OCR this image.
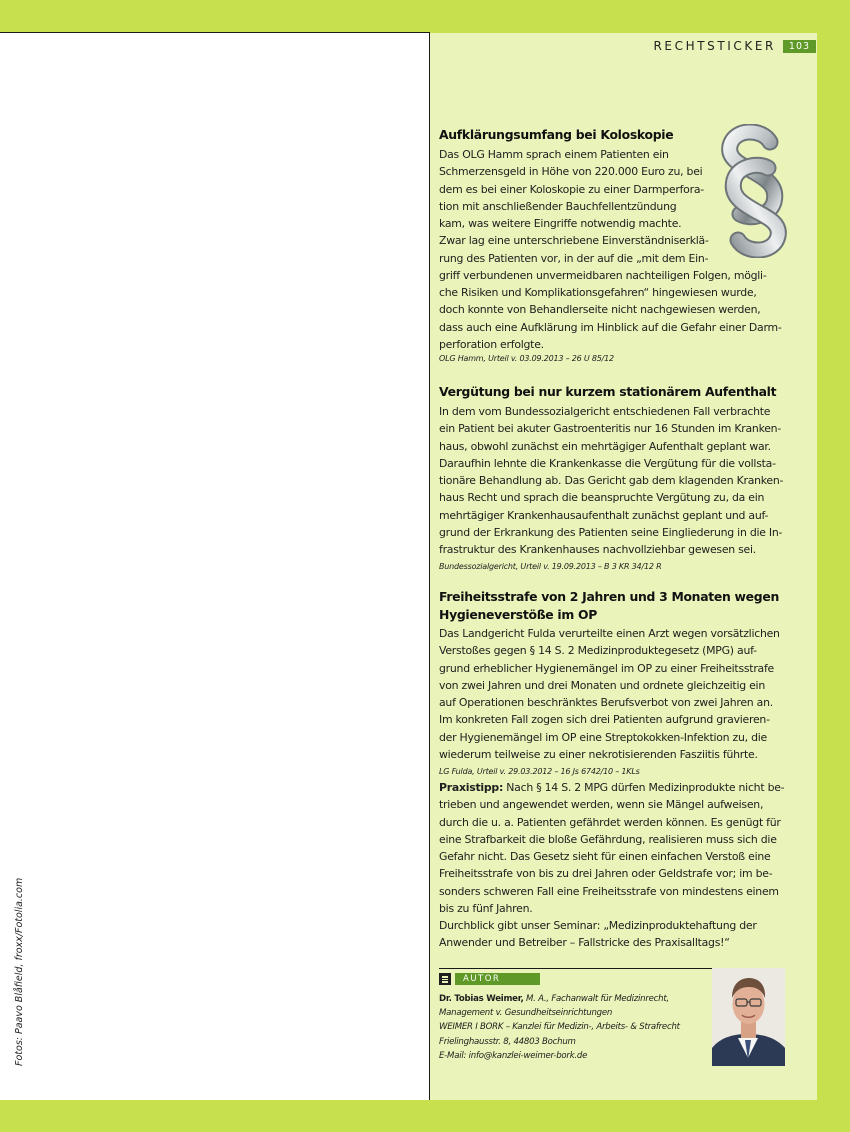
Fotos: Paavo Blåfield, froxx/Fotolia.com
RECHTSTICKER	103
Aufklärungsumfang bei Koloskopie
Das OLG Hamm sprach einem Patienten ein
Schmerzensgeld in Höhe von 220.000 Euro zu, bei
dem es bei einer Koloskopie zu einer Darmperfora-
tion mit anschließender Bauchfellentzündung
kam, was weitere Eingriffe notwendig machte.
Zwar lag eine unterschriebene Einverständniserklä-
rung des Patienten vor, in der auf die „mit dem Ein-
griff verbundenen unvermeidbaren nachteiligen Folgen, mögli-
che Risiken und Komplikationsgefahren“ hingewiesen wurde,
doch konnte von Behandlerseite nicht nachgewiesen werden,
dass auch eine Aufklärung im Hinblick auf die Gefahr einer Darm-
perforation erfolgte.
OLG Hamm, Urteil v. 03.09.2013 – 26 U 85/12
Vergütung bei nur kurzem stationärem Aufenthalt
In dem vom Bundessozialgericht entschiedenen Fall verbrachte
ein Patient bei akuter Gastroenteritis nur 16 Stunden im Kranken-
haus, obwohl zunächst ein mehrtägiger Aufenthalt geplant war.
Daraufhin lehnte die Krankenkasse die Vergütung für die vollsta-
tionäre Behandlung ab. Das Gericht gab dem klagenden Kranken-
haus Recht und sprach die beanspruchte Vergütung zu, da ein
mehrtägiger Krankenhausaufenthalt zunächst geplant und auf-
grund der Erkrankung des Patienten seine Eingliederung in die In-
frastruktur des Krankenhauses nachvollziehbar gewesen sei.
Bundessozialgericht, Urteil v. 19.09.2013 – B 3 KR 34/12 R
Freiheitsstrafe von 2 Jahren und 3 Monaten wegen
Hygieneverstöße im OP
Das Landgericht Fulda verurteilte einen Arzt wegen vorsätzlichen
Verstoßes gegen § 14 S. 2 Medizinproduktegesetz (MPG) auf-
grund erheblicher Hygienemängel im OP zu einer Freiheitsstrafe
von zwei Jahren und drei Monaten und ordnete gleichzeitig ein
auf Operationen beschränktes Berufsverbot von zwei Jahren an.
Im konkreten Fall zogen sich drei Patienten aufgrund gravieren-
der Hygienemängel im OP eine Streptokokken-Infektion zu, die
wiederum teilweise zu einer nekrotisierenden Fasziitis führte.
LG Fulda, Urteil v. 29.03.2012 – 16 Js 6742/10 – 1KLs
Praxistipp: Nach § 14 S. 2 MPG dürfen Medizinprodukte nicht be-
trieben und angewendet werden, wenn sie Mängel aufweisen,
durch die u. a. Patienten gefährdet werden können. Es genügt für
eine Strafbarkeit die bloße Gefährdung, realisieren muss sich die
Gefahr nicht. Das Gesetz sieht für einen einfachen Verstoß eine
Freiheitsstrafe von bis zu drei Jahren oder Geldstrafe vor; im be-
sonders schweren Fall eine Freiheitsstrafe von mindestens einem
bis zu fünf Jahren.
Durchblick gibt unser Seminar: „Medizinproduktehaftung der
Anwender und Betreiber – Fallstricke des Praxisalltags!“
AUTOR
Dr. Tobias Weimer, M. A., Fachanwalt für Medizinrecht,
Management v. Gesundheitseinrichtungen
WEIMER I BORK – Kanzlei für Medizin-, Arbeits- & Strafrecht
Frielinghausstr. 8, 44803 Bochum
E-Mail: info@kanzlei-weimer-bork.de
